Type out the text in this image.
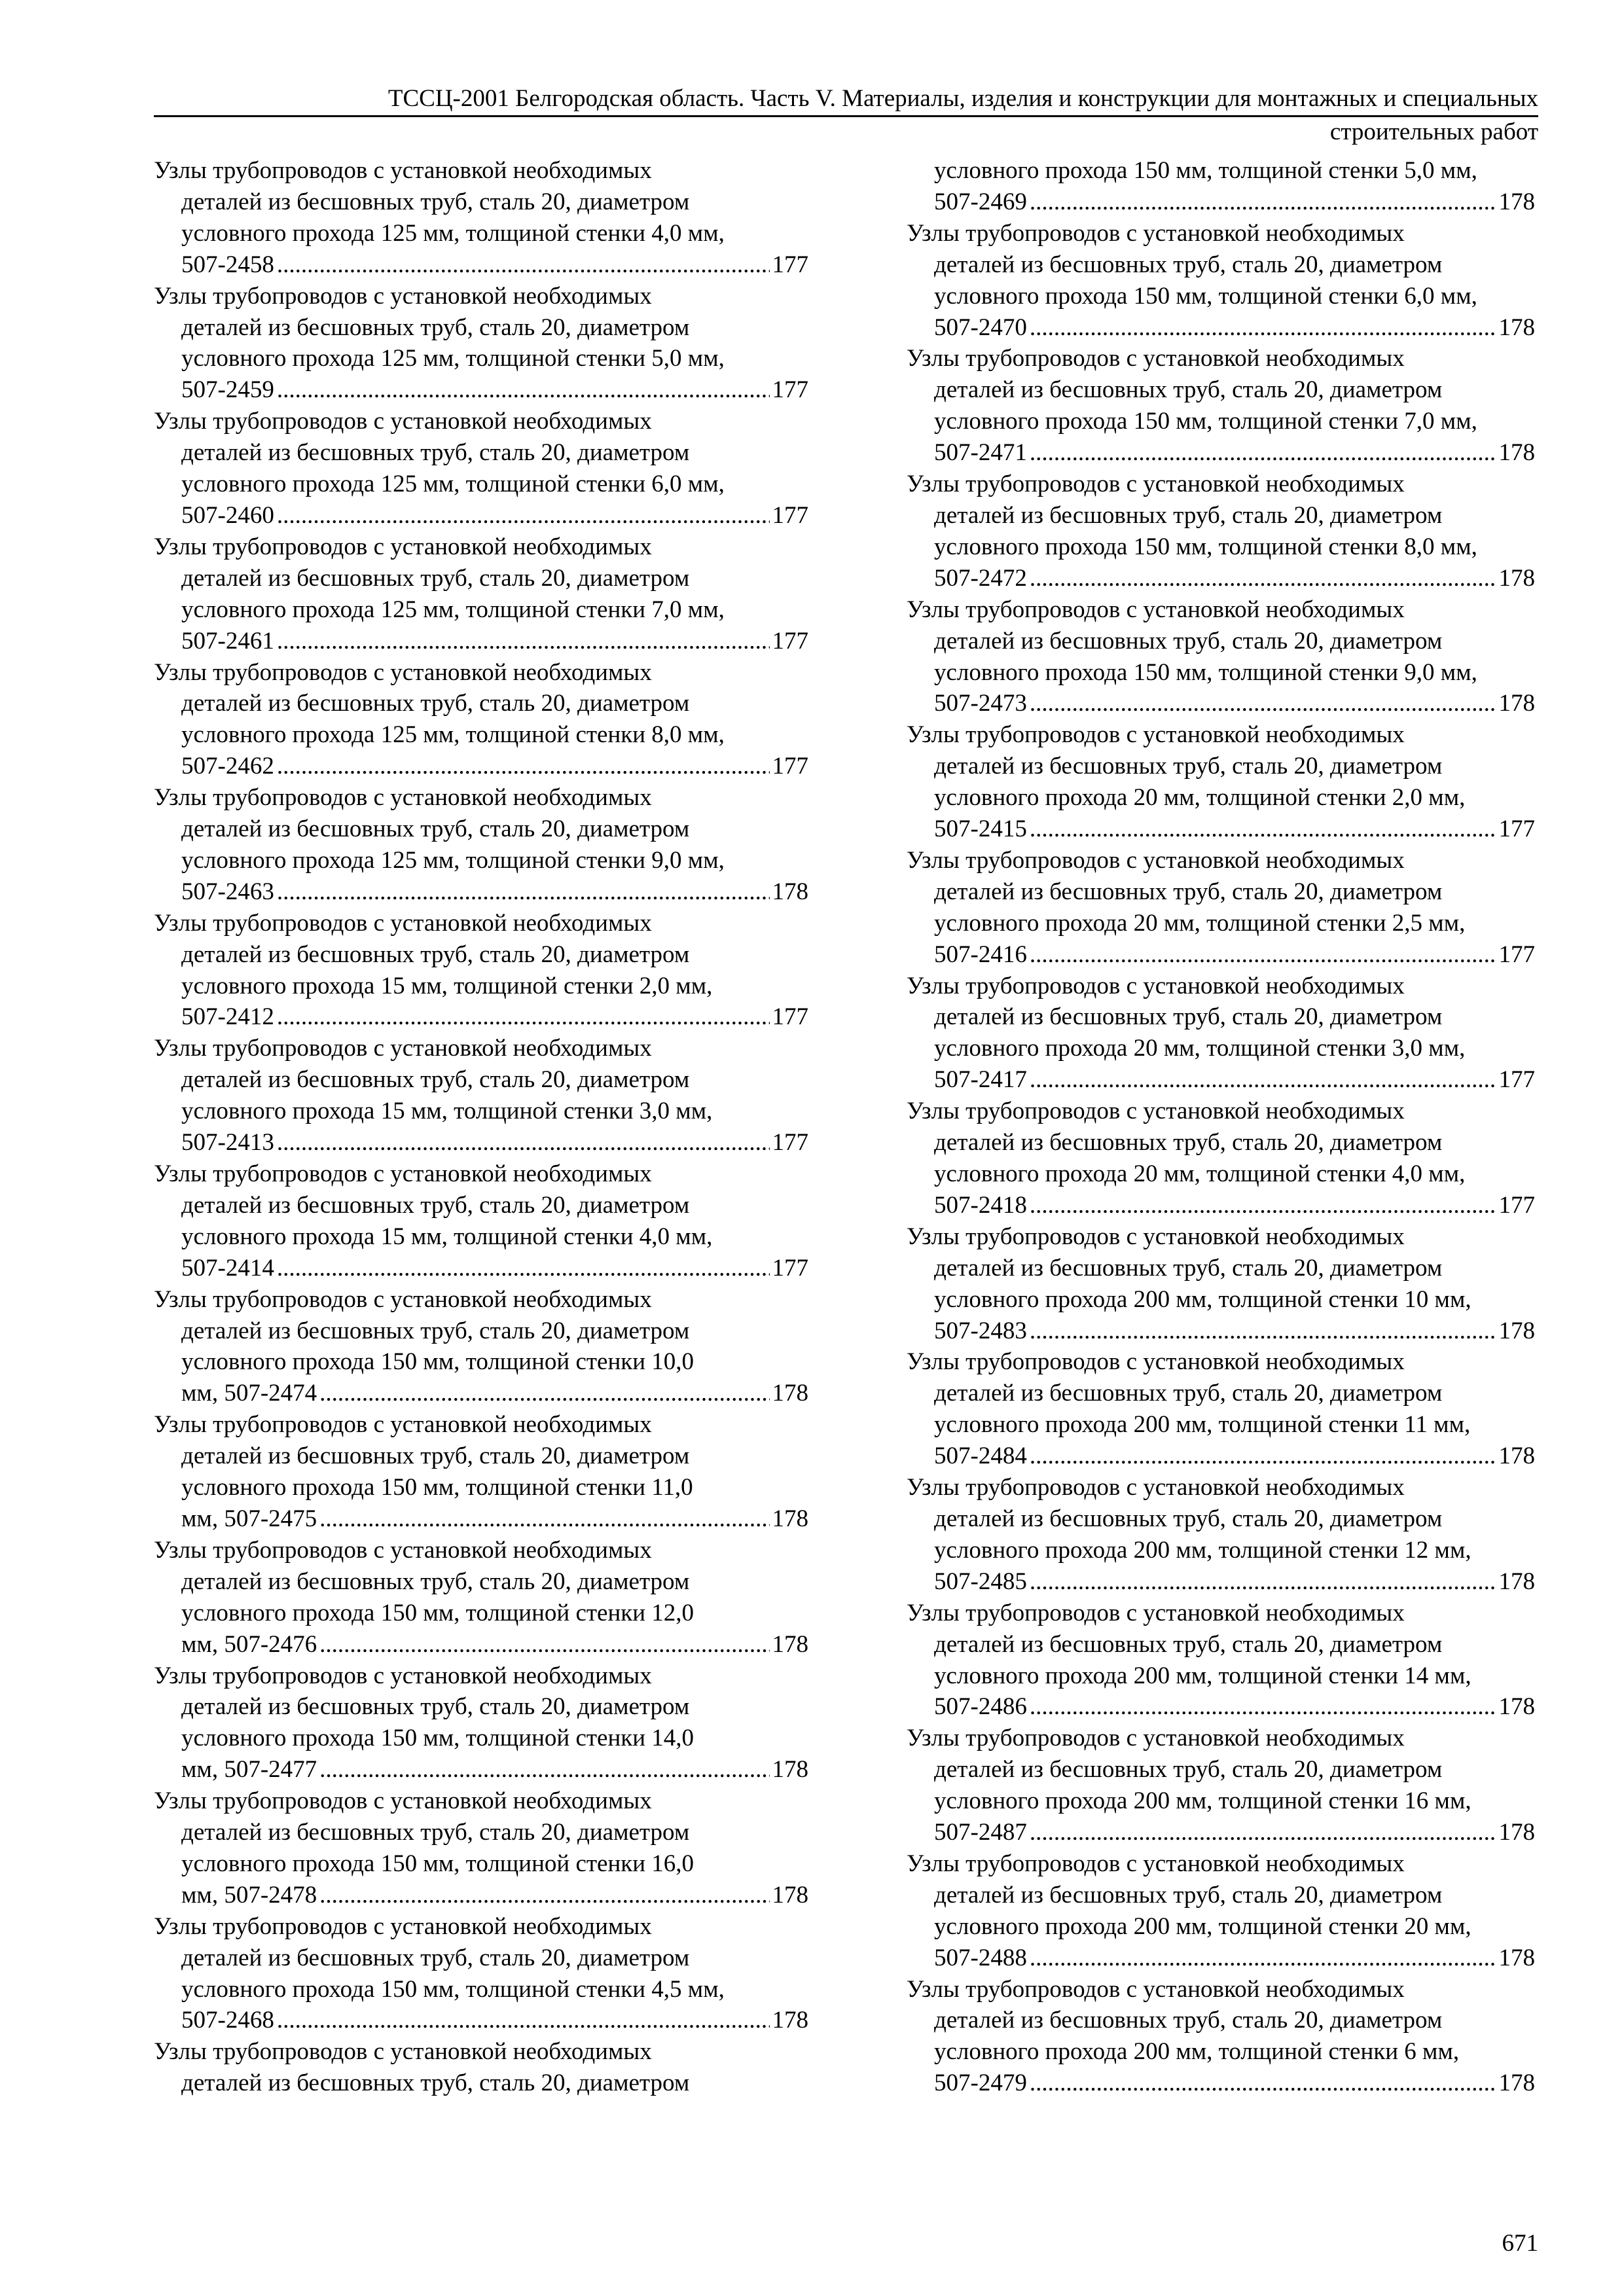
ТССЦ-2001 Белгородская область. Часть V. Материалы, изделия и конструкции для монтажных и специальных
строительных работ
Узлы трубопроводов с установкой необходимых
деталей из бесшовных труб, сталь 20, диаметром
условного прохода 125 мм, толщиной стенки 4,0 мм,
507-2458 .....	177
Узлы трубопроводов с установкой необходимых
деталей из бесшовных труб, сталь 20, диаметром
условного прохода 125 мм, толщиной стенки 5,0 мм,
507-2459 .....	177
Узлы трубопроводов с установкой необходимых
деталей из бесшовных труб, сталь 20, диаметром
условного прохода 125 мм, толщиной стенки 6,0 мм,
507-2460 .....	177
Узлы трубопроводов с установкой необходимых
деталей из бесшовных труб, сталь 20, диаметром
условного прохода 125 мм, толщиной стенки 7,0 мм,
507-2461 .....	177
Узлы трубопроводов с установкой необходимых
деталей из бесшовных труб, сталь 20, диаметром
условного прохода 125 мм, толщиной стенки 8,0 мм,
507-2462 .....	177
Узлы трубопроводов с установкой необходимых
деталей из бесшовных труб, сталь 20, диаметром
условного прохода 125 мм, толщиной стенки 9,0 мм,
507-2463 .....	178
Узлы трубопроводов с установкой необходимых
деталей из бесшовных труб, сталь 20, диаметром
условного прохода 15 мм, толщиной стенки 2,0 мм,
507-2412 .....	177
Узлы трубопроводов с установкой необходимых
деталей из бесшовных труб, сталь 20, диаметром
условного прохода 15 мм, толщиной стенки 3,0 мм,
507-2413 .....	177
Узлы трубопроводов с установкой необходимых
деталей из бесшовных труб, сталь 20, диаметром
условного прохода 15 мм, толщиной стенки 4,0 мм,
507-2414 .....	177
Узлы трубопроводов с установкой необходимых
деталей из бесшовных труб, сталь 20, диаметром
условного прохода 150 мм, толщиной стенки 10,0
мм, 507-2474 .....	178
Узлы трубопроводов с установкой необходимых
деталей из бесшовных труб, сталь 20, диаметром
условного прохода 150 мм, толщиной стенки 11,0
мм, 507-2475 .....	178
Узлы трубопроводов с установкой необходимых
деталей из бесшовных труб, сталь 20, диаметром
условного прохода 150 мм, толщиной стенки 12,0
мм, 507-2476 .....	178
Узлы трубопроводов с установкой необходимых
деталей из бесшовных труб, сталь 20, диаметром
условного прохода 150 мм, толщиной стенки 14,0
мм, 507-2477 .....	178
Узлы трубопроводов с установкой необходимых
деталей из бесшовных труб, сталь 20, диаметром
условного прохода 150 мм, толщиной стенки 16,0
мм, 507-2478 .....	178
Узлы трубопроводов с установкой необходимых
деталей из бесшовных труб, сталь 20, диаметром
условного прохода 150 мм, толщиной стенки 4,5 мм,
507-2468 .....	178
Узлы трубопроводов с установкой необходимых
деталей из бесшовных труб, сталь 20, диаметром
условного прохода 150 мм, толщиной стенки 5,0 мм,
507-2469 .....	178
Узлы трубопроводов с установкой необходимых
деталей из бесшовных труб, сталь 20, диаметром
условного прохода 150 мм, толщиной стенки 6,0 мм,
507-2470 .....	178
Узлы трубопроводов с установкой необходимых
деталей из бесшовных труб, сталь 20, диаметром
условного прохода 150 мм, толщиной стенки 7,0 мм,
507-2471 .....	178
Узлы трубопроводов с установкой необходимых
деталей из бесшовных труб, сталь 20, диаметром
условного прохода 150 мм, толщиной стенки 8,0 мм,
507-2472 .....	178
Узлы трубопроводов с установкой необходимых
деталей из бесшовных труб, сталь 20, диаметром
условного прохода 150 мм, толщиной стенки 9,0 мм,
507-2473 .....	178
Узлы трубопроводов с установкой необходимых
деталей из бесшовных труб, сталь 20, диаметром
условного прохода 20 мм, толщиной стенки 2,0 мм,
507-2415 .....	177
Узлы трубопроводов с установкой необходимых
деталей из бесшовных труб, сталь 20, диаметром
условного прохода 20 мм, толщиной стенки 2,5 мм,
507-2416 .....	177
Узлы трубопроводов с установкой необходимых
деталей из бесшовных труб, сталь 20, диаметром
условного прохода 20 мм, толщиной стенки 3,0 мм,
507-2417 .....	177
Узлы трубопроводов с установкой необходимых
деталей из бесшовных труб, сталь 20, диаметром
условного прохода 20 мм, толщиной стенки 4,0 мм,
507-2418 .....	177
Узлы трубопроводов с установкой необходимых
деталей из бесшовных труб, сталь 20, диаметром
условного прохода 200 мм, толщиной стенки 10 мм,
507-2483 .....	178
Узлы трубопроводов с установкой необходимых
деталей из бесшовных труб, сталь 20, диаметром
условного прохода 200 мм, толщиной стенки 11 мм,
507-2484 .....	178
Узлы трубопроводов с установкой необходимых
деталей из бесшовных труб, сталь 20, диаметром
условного прохода 200 мм, толщиной стенки 12 мм,
507-2485 .....	178
Узлы трубопроводов с установкой необходимых
деталей из бесшовных труб, сталь 20, диаметром
условного прохода 200 мм, толщиной стенки 14 мм,
507-2486 .....	178
Узлы трубопроводов с установкой необходимых
деталей из бесшовных труб, сталь 20, диаметром
условного прохода 200 мм, толщиной стенки 16 мм,
507-2487 .....	178
Узлы трубопроводов с установкой необходимых
деталей из бесшовных труб, сталь 20, диаметром
условного прохода 200 мм, толщиной стенки 20 мм,
507-2488 .....	178
Узлы трубопроводов с установкой необходимых
деталей из бесшовных труб, сталь 20, диаметром
условного прохода 200 мм, толщиной стенки 6 мм,
507-2479 .....	178
671
